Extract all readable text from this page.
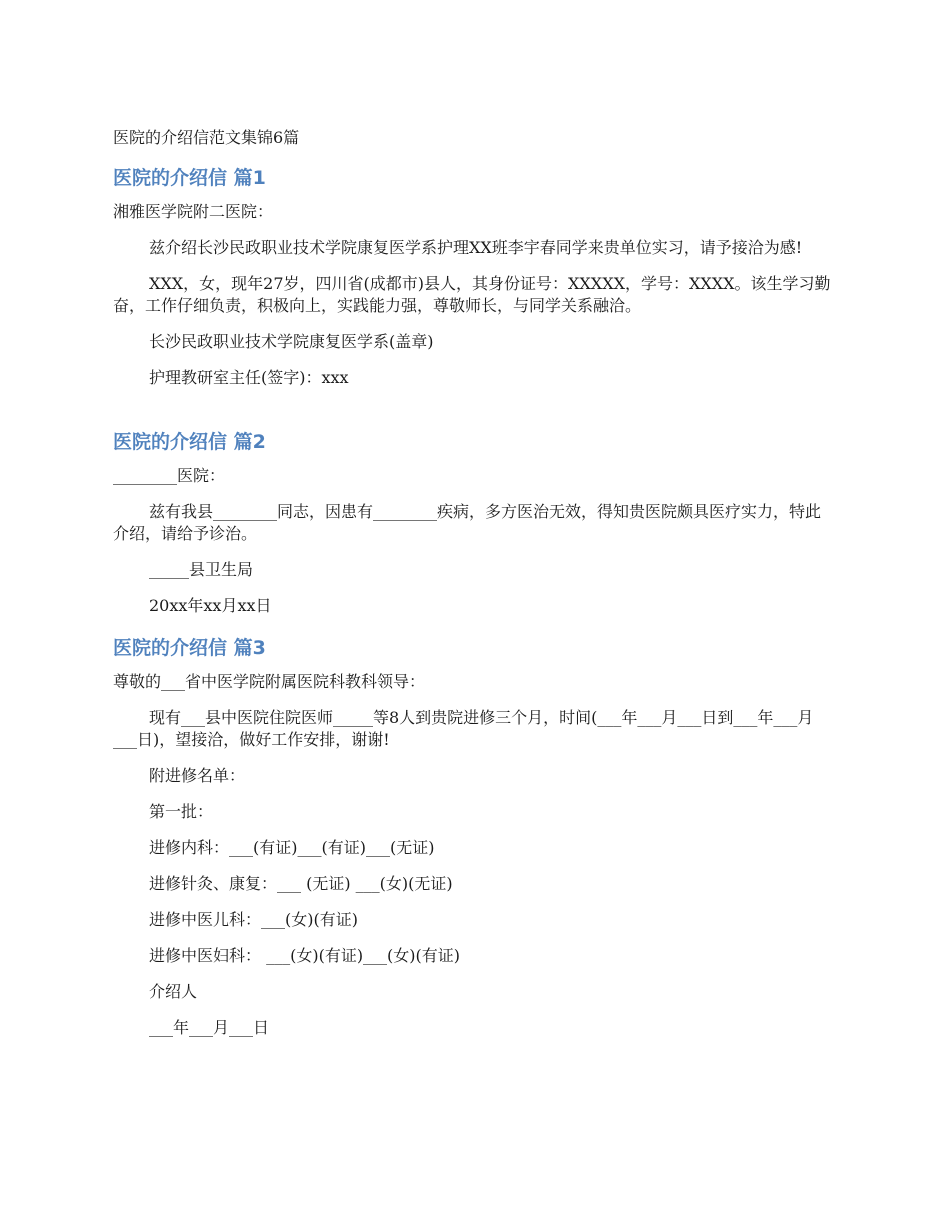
医院的介绍信范文集锦6篇
医院的介绍信 篇1
湘雅医学院附二医院：
兹介绍长沙民政职业技术学院康复医学系护理XX班李宇春同学来贵单位实习，请予接洽为感!
XXX，女，现年27岁，四川省(成都市)县人，其身份证号：XXXXX，学号：XXXX。该生学习勤奋，工作仔细负责，积极向上，实践能力强，尊敬师长，与同学关系融洽。
长沙民政职业技术学院康复医学系(盖章)
护理教研室主任(签字)：xxx
医院的介绍信 篇2
________医院：
兹有我县________同志，因患有________疾病，多方医治无效，得知贵医院颇具医疗实力，特此介绍，请给予诊治。
_____县卫生局
20xx年xx月xx日
医院的介绍信 篇3
尊敬的___省中医学院附属医院科教科领导：
现有___县中医院住院医师_____等8人到贵院进修三个月，时间(___年___月___日到___年___月___日)，望接洽，做好工作安排，谢谢!
附进修名单：
第一批：
进修内科：___(有证)___(有证)___(无证)
进修针灸、康复：___ (无证) ___(女)(无证)
进修中医儿科：___(女)(有证)
进修中医妇科： ___(女)(有证)___(女)(有证)
介绍人
___年___月___日
